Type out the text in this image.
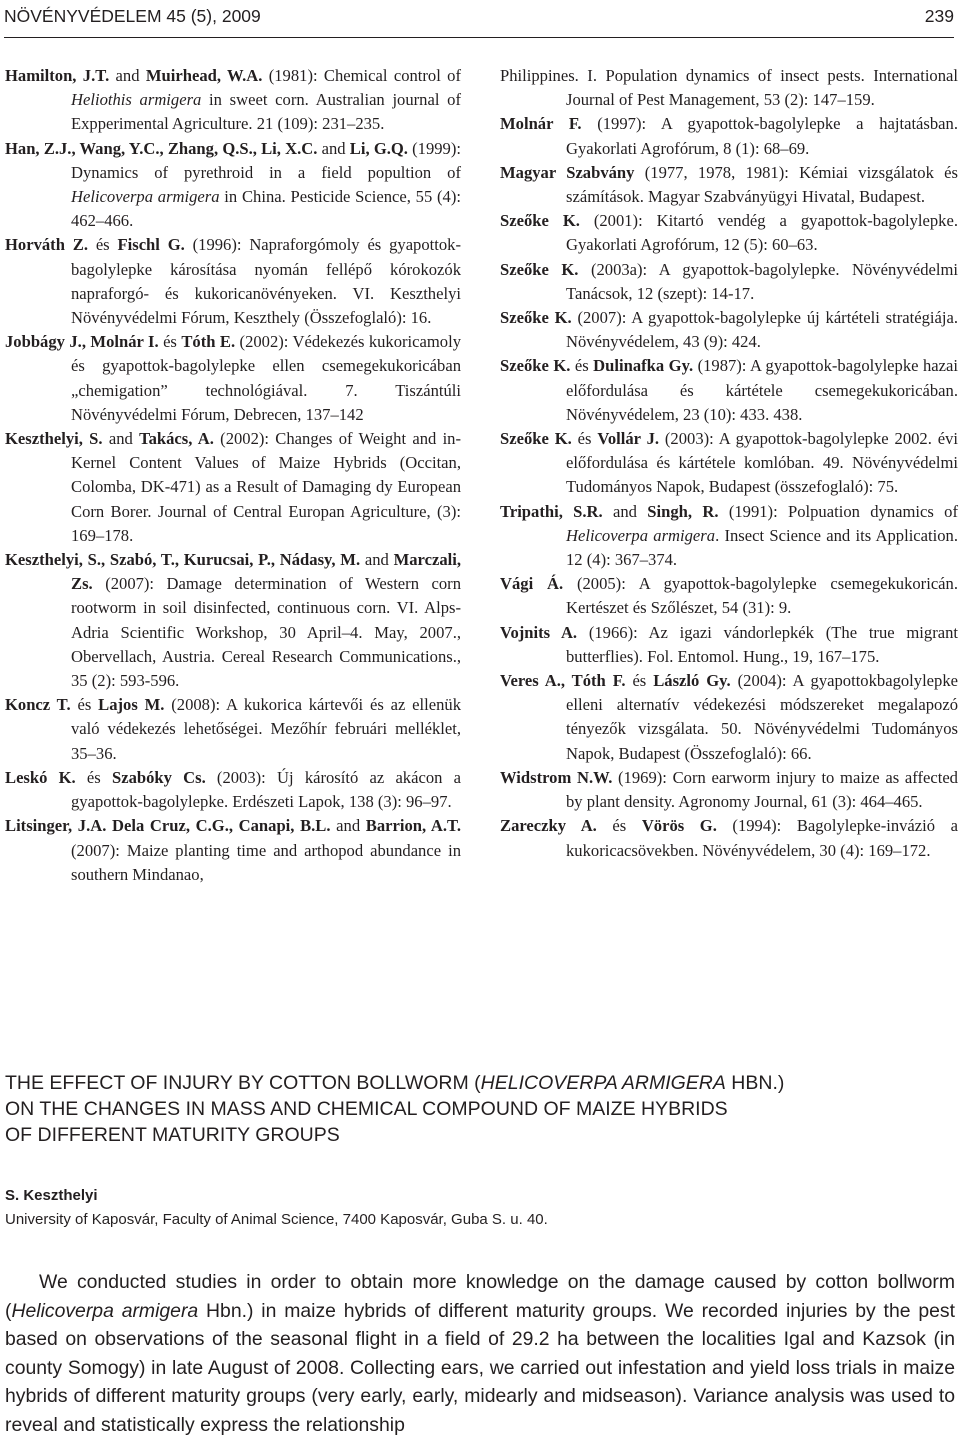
NÖVÉNYVÉDELEM 45 (5), 2009	239

Hamilton, J.T. and Muirhead, W.A. (1981): Chemical control of Heliothis armigera in sweet corn. Australian journal of Expperimental Agriculture. 21 (109): 231–235.

Han, Z.J., Wang, Y.C., Zhang, Q.S., Li, X.C. and Li, G.Q. (1999): Dynamics of pyrethroid in a field popultion of Helicoverpa armigera in China. Pesticide Science, 55 (4): 462–466.

Horváth Z. és Fischl G. (1996): Napraforgómoly és gyapottok-bagolylepke károsítása nyomán fellépő kórokozók napraforgó- és kukoricanövényeken. VI. Keszthelyi Növényvédelmi Fórum, Keszthely (Összefoglaló): 16.

Jobbágy J., Molnár I. és Tóth E. (2002): Védekezés kukoricamoly és gyapottok-bagolylepke ellen csemegekukoricában „chemigation” technológiával. 7. Tiszántúli Növényvédelmi Fórum, Debrecen, 137–142

Keszthelyi, S. and Takács, A. (2002): Changes of Weight and in-Kernel Content Values of Maize Hybrids (Occitan, Colomba, DK-471) as a Result of Damaging dy European Corn Borer. Journal of Central Europan Agriculture, (3): 169–178.

Keszthelyi, S., Szabó, T., Kurucsai, P., Nádasy, M. and Marczali, Zs. (2007): Damage determination of Western corn rootworm in soil disinfected, continuous corn. VI. Alps-Adria Scientific Workshop, 30 April–4. May, 2007., Obervellach, Austria. Cereal Research Communications., 35 (2): 593-596.

Koncz T. és Lajos M. (2008): A kukorica kártevői és az ellenük való védekezés lehetőségei. Mezőhír februári melléklet, 35–36.

Leskó K. és Szabóky Cs. (2003): Új károsító az akácon a gyapottok-bagolylepke. Erdészeti Lapok, 138 (3): 96–97.

Litsinger, J.A. Dela Cruz, C.G., Canapi, B.L. and Barrion, A.T. (2007): Maize planting time and arthopod abundance in southern Mindanao,

Philippines. I. Population dynamics of insect pests. International Journal of Pest Management, 53 (2): 147–159.

Molnár F. (1997): A gyapottok-bagolylepke a hajtatásban. Gyakorlati Agrofórum, 8 (1): 68–69.

Magyar Szabvány (1977, 1978, 1981): Kémiai vizsgálatok és számítások. Magyar Szabványügyi Hivatal, Budapest.

Szeőke K. (2001): Kitartó vendég a gyapottok-bagolylepke. Gyakorlati Agrofórum, 12 (5): 60–63.

Szeőke K. (2003a): A gyapottok-bagolylepke. Növényvédelmi Tanácsok, 12 (szept): 14-17.

Szeőke K. (2007): A gyapottok-bagolylepke új kártételi stratégiája. Növényvédelem, 43 (9): 424.

Szeőke K. és Dulinafka Gy. (1987): A gyapottok-bagolylepke hazai előfordulása és kártétele csemegekukoricában. Növényvédelem, 23 (10): 433. 438.

Szeőke K. és Vollár J. (2003): A gyapottok-bagolylepke 2002. évi előfordulása és kártétele komlóban. 49. Növényvédelmi Tudományos Napok, Budapest (összefoglaló): 75.

Tripathi, S.R. and Singh, R. (1991): Polpuation dynamics of Helicoverpa armigera. Insect Science and its Application. 12 (4): 367–374.

Vági Á. (2005): A gyapottok-bagolylepke csemegekukoricán. Kertészet és Szőlészet, 54 (31): 9.

Vojnits A. (1966): Az igazi vándorlepkék (The true migrant butterflies). Fol. Entomol. Hung., 19, 167–175.

Veres A., Tóth F. és László Gy. (2004): A gyapottokbagolylepke elleni alternatív védekezési módszereket megalapozó tényezők vizsgálata. 50. Növényvédelmi Tudományos Napok, Budapest (Összefoglaló): 66.

Widstrom N.W. (1969): Corn earworm injury to maize as affected by plant density. Agronomy Journal, 61 (3): 464–465.

Zareczky A. és Vörös G. (1994): Bagolylepke-invázió a kukoricacsövekben. Növényvédelem, 30 (4): 169–172.

THE EFFECT OF INJURY BY COTTON BOLLWORM (HELICOVERPA ARMIGERA HBN.)
ON THE CHANGES IN MASS AND CHEMICAL COMPOUND OF MAIZE HYBRIDS
OF DIFFERENT MATURITY GROUPS
S. Keszthelyi
University of Kaposvár, Faculty of Animal Science, 7400 Kaposvár, Guba S. u. 40.

We conducted studies in order to obtain more knowledge on the damage caused by cotton bollworm (Helicoverpa armigera Hbn.) in maize hybrids of different maturity groups. We recorded injuries by the pest based on observations of the seasonal flight in a field of 29.2 ha between the localities Igal and Kazsok (in county Somogy) in late August of 2008. Collecting ears, we carried out infestation and yield loss trials in maize hybrids of different maturity groups (very early, early, midearly and midseason). Variance analysis was used to reveal and statistically express the relationship
